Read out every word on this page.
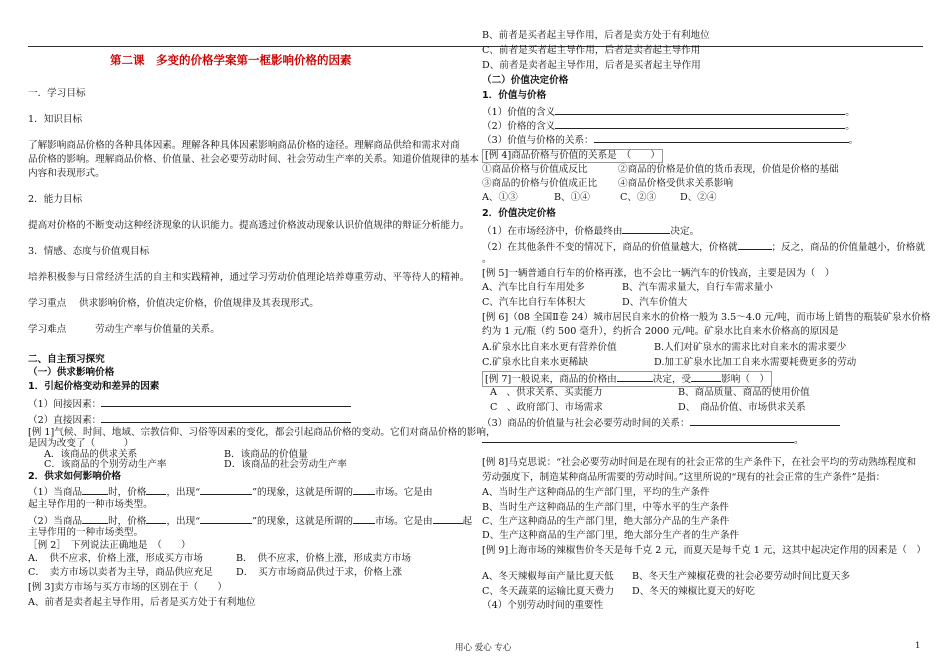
第二课　多变的价格学案第一框影响价格的因素
一．学习目标
1．知识目标
了解影响商品价格的各种具体因素。理解各种具体因素影响商品价格的途径。理解商品供给和需求对商
品价格的影响。理解商品价格、价值量、社会必要劳动时间、社会劳动生产率的关系。知道价值规律的基本
内容和表现形式。
2．能力目标
提高对价格的不断变动这种经济现象的认识能力。提高透过价格波动现象认识价值规律的辩证分析能力。
3．情感、态度与价值观目标
培养积极参与日常经济生活的自主和实践精神，通过学习劳动价值理论培养尊重劳动、平等待人的精神。
学习重点　 供求影响价格，价值决定价格，价值规律及其表现形式。
学习难点　　　劳动生产率与价值量的关系。
二、自主预习探究
（一）供求影响价格
1．引起价格变动和差异的因素
（1）间接因素：
（2）直接因素：
[例 1]气候、时间、地域、宗教信仰、习俗等因素的变化，都会引起商品价格的变动。它们对商品价格的影响，
是因为改变了（　　　）
A．该商品的供求关系	B．该商品的价值量
C．该商品的个别劳动生产率	D．该商品的社会劳动生产率
2．供求如何影响价格
（1）当商品	时，价格 ，出现“	”的现象，这就是所谓的 市场。它是由
起主导作用的一种市场类型。
（2）当商品	时，价格 ，出现“	”的现象，这就是所谓的 市场。它是由	起
主导作用的一种市场类型。
［例 2］　下列说法正确地是　（　　）
A．　供不应求，价格上涨，形成买方市场	B．　供不应求，价格上涨，形成卖方市场
C．　卖方市场以卖者为主导，商品供应充足 D．　买方市场商品供过于求，价格上涨
[例 3]卖方市场与买方市场的区别在于（　　）
A、前者是卖者起主导作用，后者是买方处于有利地位
B、前者是买者起主导作用，后者是卖方处于有利地位
C、前者是买者起主导作用，后者是卖者起主导作用
D、前者是卖者起主导作用，后者是买者起主导作用
（二）价值决定价格
1．价值与价格
（1）价值的含义	。
（2）价格的含义	。
（3）价值与价格的关系：	。
[例 4]商品价格与价值的关系是　（　　）
①商品价格与价值成反比	②商品的价格是价值的货币表现，价值是价格的基础
③商品的价格与价值成正比 ④商品价格受供求关系影响
A、①③	B、①④	C、②③ D、②④
2．价值决定价格
（1）在市场经济中，价格最终由	决定。
（2）在其他条件不变的情况下，商品的价值量越大，价格就	；反之，商品的价值量越小，价格就
。
[例 5]一辆普通自行车的价格再涨，也不会比一辆汽车的价钱高，主要是因为（　）
A、汽车比自行车用处多	B、汽车需求量大，自行车需求量小
C、汽车比自行车体积大	D、汽车价值大
[例 6]（08 全国Ⅱ卷 24）城市居民自来水的价格一般为 3.5～4.0 元/吨，而市场上销售的瓶装矿泉水价格
约为 1 元/瓶（约 500 毫升），约折合 2000 元/吨。矿泉水比自来水价格高的原因是
A.矿泉水比自来水更有营养价值	B.人们对矿泉水的需求比对自来水的需求要少
C.矿泉水比自来水更稀缺	D.加工矿泉水比加工自来水需要耗费更多的劳动
[例 7]一般说来，商品的价格由	决定，受	影响（　）
A　、供求关系、买卖能力	B、商品质量、商品的使用价值
C　、政府部门、市场需求	D、　商品价值、市场供求关系
（3）商品的价值量与社会必要劳动时间的关系：
。
[例 8]马克思说：“社会必要劳动时间是在现有的社会正常的生产条件下，在社会平均的劳动熟练程度和
劳动强度下，制造某种商品所需要的劳动时间。”这里所说的“现有的社会正常的生产条件”是指：
A、当时生产这种商品的生产部门里，平均的生产条件
B、当时生产这种商品的生产部门里，中等水平的生产条件
C、生产这种商品的生产部门里，绝大部分产品的生产条件
D、生产这种商品的生产部门里，绝大部分生产者的生产条件
[例 9]上海市场的辣椒售价冬天是每千克 2 元，而夏天是每千克 1 元，这其中起决定作用的因素是（　）
A、冬天辣椒每亩产量比夏天低 B、冬天生产辣椒花费的社会必要劳动时间比夏天多
C、冬天蔬菜的运输比夏天费力 D、冬天的辣椒比夏天的好吃
（4）个别劳动时间的重要性
用心 爱心 专心	1
